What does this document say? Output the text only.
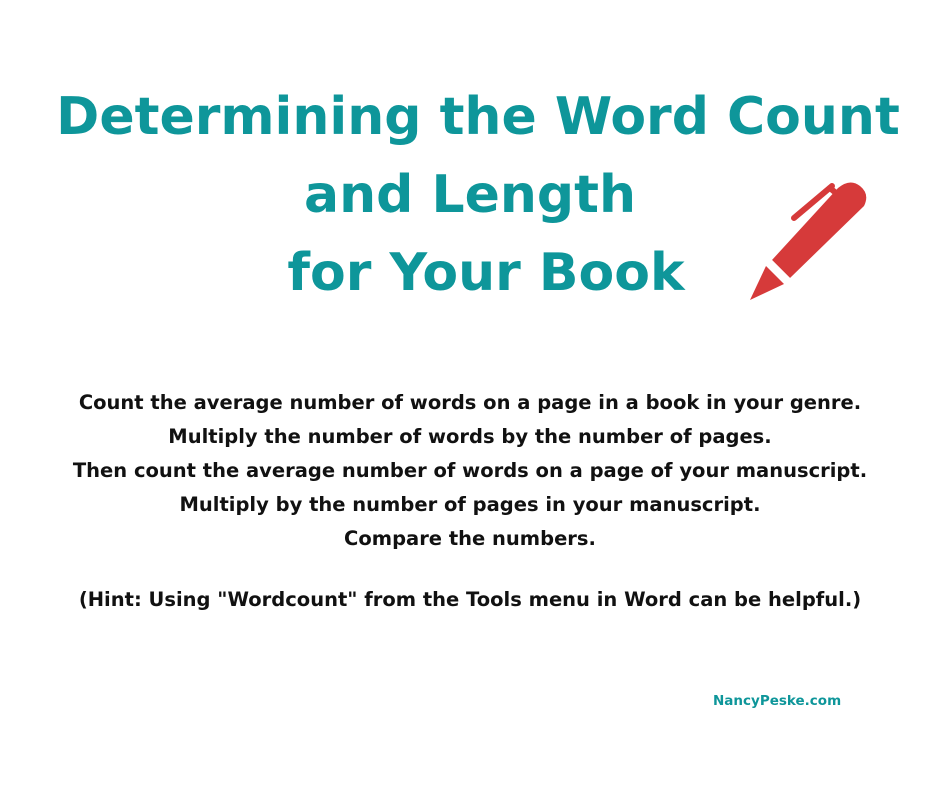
Determining the Word Count
and Length
for Your Book
Count the average number of words on a page in a book in your genre.
Multiply the number of words by the number of pages.
Then count the average number of words on a page of your manuscript.
Multiply by the number of pages in your manuscript.
Compare the numbers.
(Hint: Using "Wordcount" from the Tools menu in Word can be helpful.)
NancyPeske.com
